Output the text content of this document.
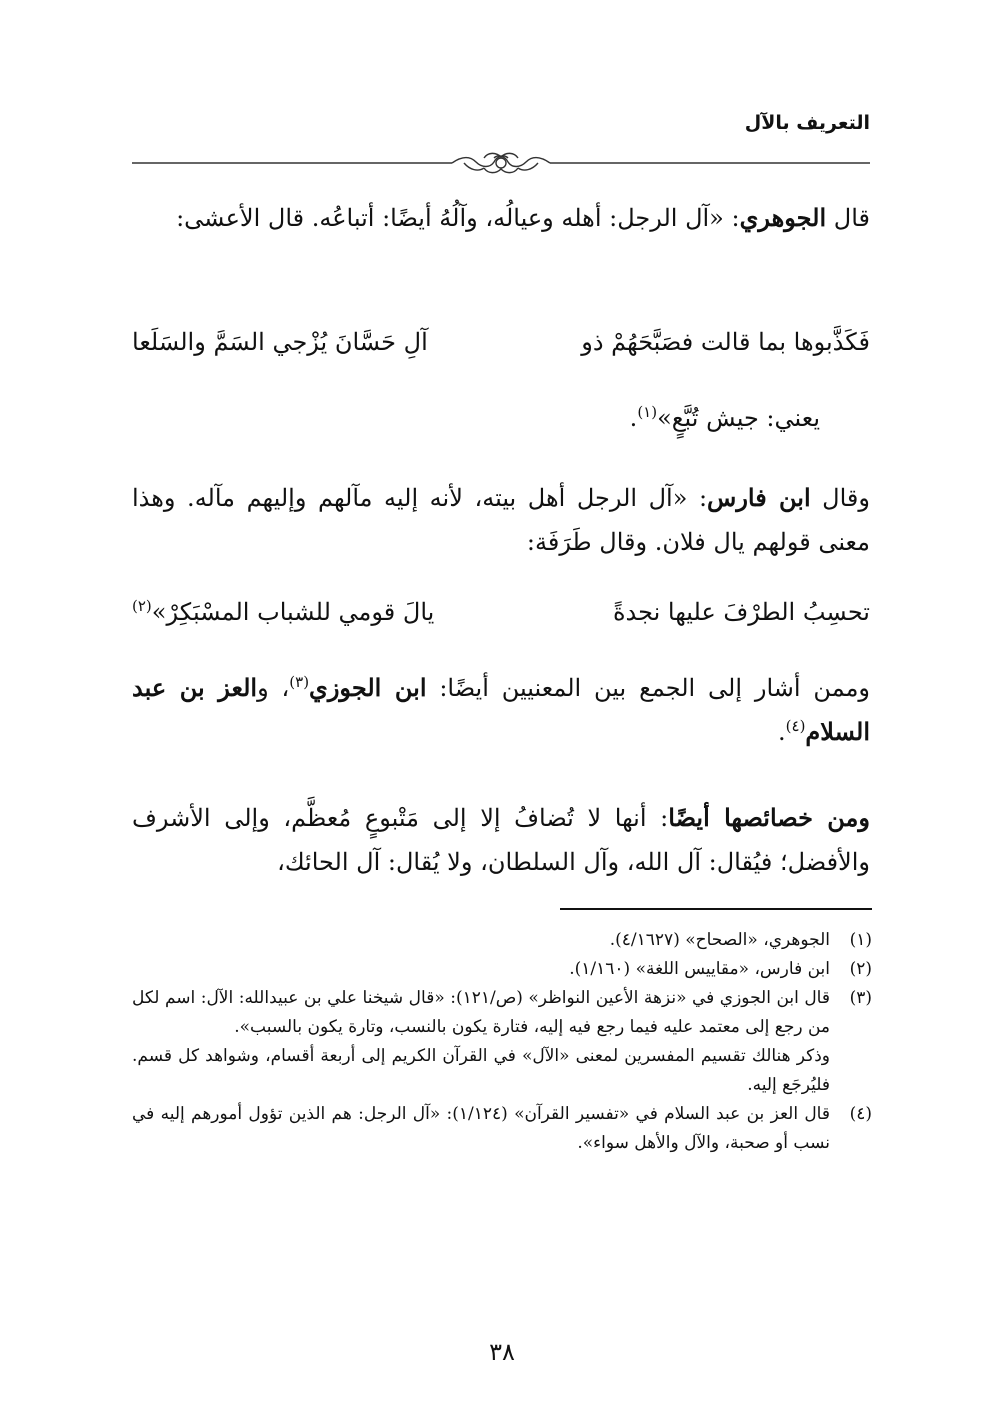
التعريف بالآل
قال الجوهري: «آل الرجل: أهله وعيالُه، وآلُهُ أيضًا: أتباعُه. قال الأعشى:
فَكَذَّبوها بما قالت فصَبَّحَهُمْ ذو
آلِ حَسَّانَ يُزْجي السَمَّ والسَلَعا
يعني: جيش تُبَّعٍ»$^{(١)}$.
وقال ابن فارس: «آل الرجل أهل بيته، لأنه إليه مآلهم وإليهم مآله. وهذا معنى قولهم يال فلان. وقال طَرَفَة:
تحسِبُ الطرْفَ عليها نجدةً
يالَ قومي للشباب المسْبَكِرْ»$^{(٢)}$
وممن أشار إلى الجمع بين المعنيين أيضًا: ابن الجوزي$^{(٣)}$، والعز بن عبد السلام$^{(٤)}$.
ومن خصائصها أيضًا: أنها لا تُضافُ إلا إلى مَتْبوعٍ مُعظَّم، وإلى الأشرف والأفضل؛ فيُقال: آل الله، وآل السلطان، ولا يُقال: آل الحائك،
(١)
الجوهري، «الصحاح» (٤/١٦٢٧).
(٢)
ابن فارس، «مقاييس اللغة» (١/١٦٠).
(٣)
قال ابن الجوزي في «نزهة الأعين النواظر» (ص/١٢١): «قال شيخنا علي بن عبيدالله: الآل: اسم لكل من رجع إلى معتمد عليه فيما رجع فيه إليه، فتارة يكون بالنسب، وتارة يكون بالسبب».
وذكر هنالك تقسيم المفسرين لمعنى «الآل» في القرآن الكريم إلى أربعة أقسام، وشواهد كل قسم. فليُرجَع إليه.
(٤)
قال العز بن عبد السلام في «تفسير القرآن» (١/١٢٤): «آل الرجل: هم الذين تؤول أمورهم إليه في نسب أو صحبة، والآل والأهل سواء».
٣٨
